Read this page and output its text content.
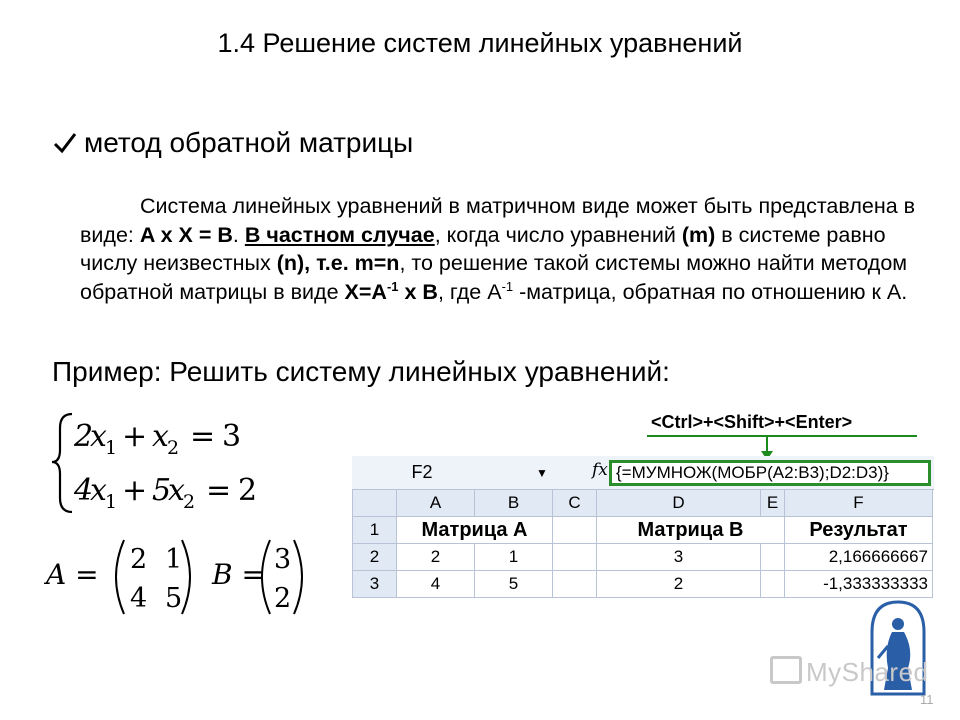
1.4 Решение систем линейных уравнений
метод обратной матрицы
Система линейных уравнений в матричном виде может быть представлена в виде: A x X = B. В частном случае, когда число уравнений (m) в системе равно числу неизвестных (n), т.е. m=n, то решение такой системы можно найти методом обратной матрицы в виде $X=A^{-1}$ x B, где $A^{-1}$ -матрица, обратная по отношению к А.
Пример: Решить систему линейных уравнений:
2
x
1 + x
2 = 3
4
x
1 + 5
x
2 = 2
A = 2 1
4 5
B = 3
2
<Ctrl>+<Shift>+<Enter>
F2	▼	fx {=МУМНОЖ(МОБР(A2:B3);D2:D3)}
	A	B	C	D	E	F
1	Матрица A			Матрица B		Результат
2	2	1		3		2,166666667
3	4	5		2		-1,333333333
MyShared
11
